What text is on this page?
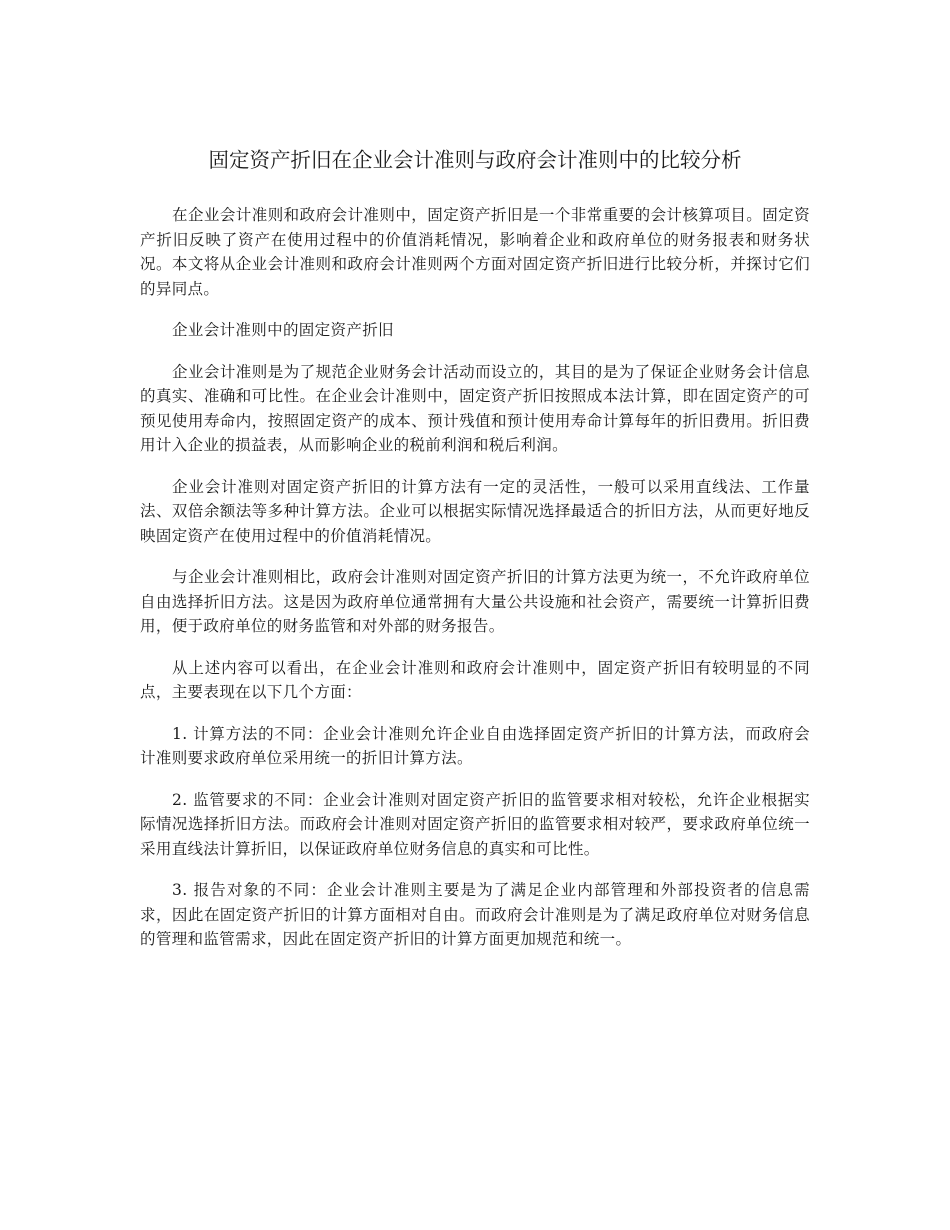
固定资产折旧在企业会计准则与政府会计准则中的比较分析

在企业会计准则和政府会计准则中，固定资产折旧是一个非常重要的会计核算项目。固定资产折旧反映了资产在使用过程中的价值消耗情况，影响着企业和政府单位的财务报表和财务状况。本文将从企业会计准则和政府会计准则两个方面对固定资产折旧进行比较分析，并探讨它们的异同点。

企业会计准则中的固定资产折旧

企业会计准则是为了规范企业财务会计活动而设立的，其目的是为了保证企业财务会计信息的真实、准确和可比性。在企业会计准则中，固定资产折旧按照成本法计算，即在固定资产的可预见使用寿命内，按照固定资产的成本、预计残值和预计使用寿命计算每年的折旧费用。折旧费用计入企业的损益表，从而影响企业的税前利润和税后利润。

企业会计准则对固定资产折旧的计算方法有一定的灵活性，一般可以采用直线法、工作量法、双倍余额法等多种计算方法。企业可以根据实际情况选择最适合的折旧方法，从而更好地反映固定资产在使用过程中的价值消耗情况。

与企业会计准则相比，政府会计准则对固定资产折旧的计算方法更为统一，不允许政府单位自由选择折旧方法。这是因为政府单位通常拥有大量公共设施和社会资产，需要统一计算折旧费用，便于政府单位的财务监管和对外部的财务报告。

从上述内容可以看出，在企业会计准则和政府会计准则中，固定资产折旧有较明显的不同点，主要表现在以下几个方面：

1. 计算方法的不同：企业会计准则允许企业自由选择固定资产折旧的计算方法，而政府会计准则要求政府单位采用统一的折旧计算方法。

2. 监管要求的不同：企业会计准则对固定资产折旧的监管要求相对较松，允许企业根据实际情况选择折旧方法。而政府会计准则对固定资产折旧的监管要求相对较严，要求政府单位统一采用直线法计算折旧，以保证政府单位财务信息的真实和可比性。

3. 报告对象的不同：企业会计准则主要是为了满足企业内部管理和外部投资者的信息需求，因此在固定资产折旧的计算方面相对自由。而政府会计准则是为了满足政府单位对财务信息的管理和监管需求，因此在固定资产折旧的计算方面更加规范和统一。
